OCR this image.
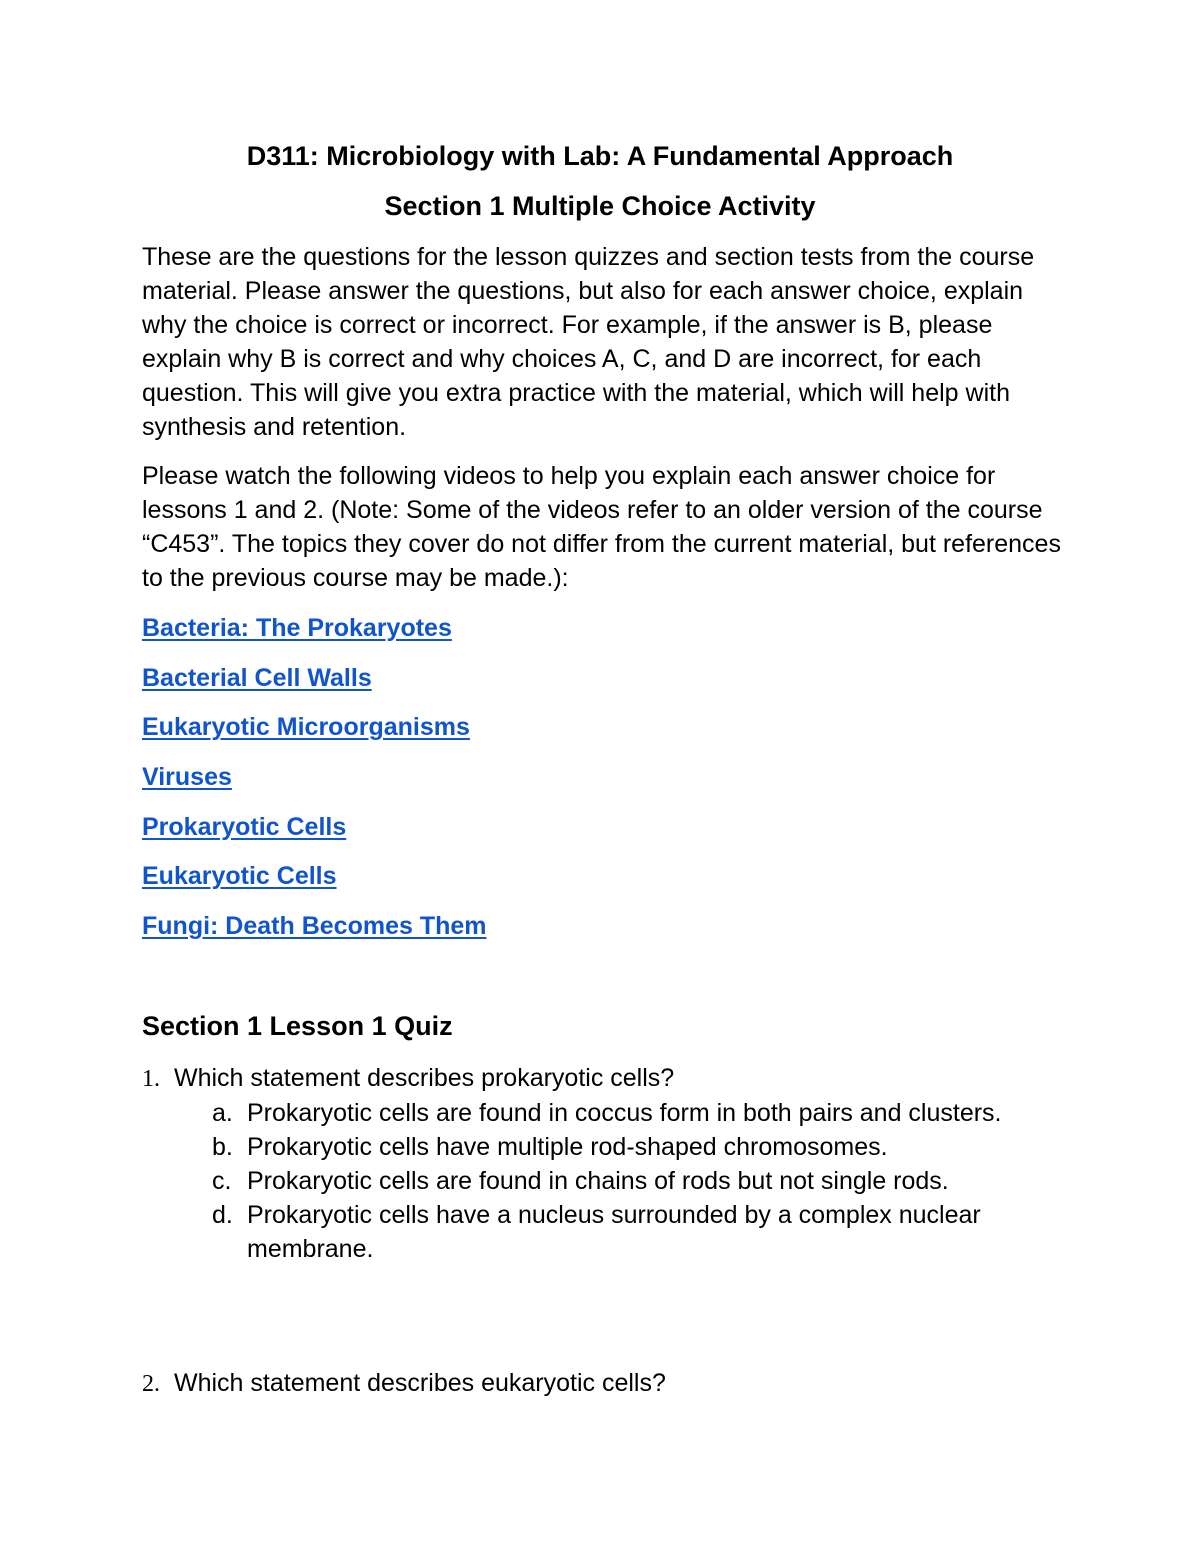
D311: Microbiology with Lab: A Fundamental Approach
Section 1 Multiple Choice Activity

These are the questions for the lesson quizzes and section tests from the course material. Please answer the questions, but also for each answer choice, explain why the choice is correct or incorrect. For example, if the answer is B, please explain why B is correct and why choices A, C, and D are incorrect, for each question. This will give you extra practice with the material, which will help with synthesis and retention.

Please watch the following videos to help you explain each answer choice for lessons 1 and 2. (Note: Some of the videos refer to an older version of the course “C453”. The topics they cover do not differ from the current material, but references to the previous course may be made.):

Bacteria: The Prokaryotes
Bacterial Cell Walls
Eukaryotic Microorganisms
Viruses
Prokaryotic Cells
Eukaryotic Cells
Fungi: Death Becomes Them
Section 1 Lesson 1 Quiz
1. Which statement describes prokaryotic cells?
a. Prokaryotic cells are found in coccus form in both pairs and clusters.
b. Prokaryotic cells have multiple rod-shaped chromosomes.
c. Prokaryotic cells are found in chains of rods but not single rods.
d. Prokaryotic cells have a nucleus surrounded by a complex nuclear membrane.
2. Which statement describes eukaryotic cells?
